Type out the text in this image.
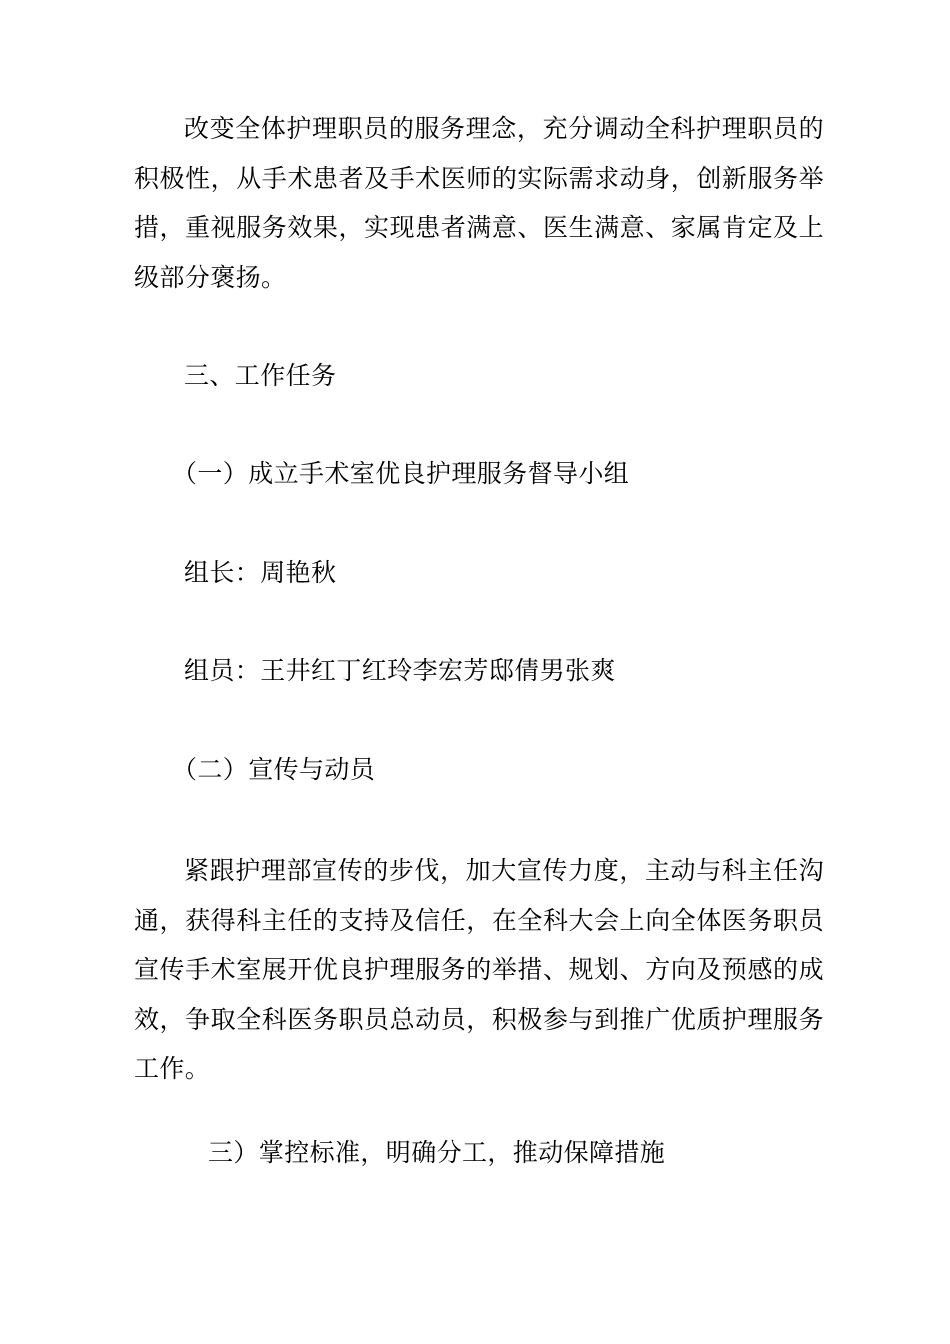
改变全体护理职员的服务理念，充分调动全科护理职员的积极性，从手术患者及手术医师的实际需求动身，创新服务举措，重视服务效果，实现患者满意、医生满意、家属肯定及上级部分褒扬。

三、工作任务

（一）成立手术室优良护理服务督导小组

组长：周艳秋

组员：王井红丁红玲李宏芳邸倩男张爽

（二）宣传与动员

紧跟护理部宣传的步伐，加大宣传力度，主动与科主任沟通，获得科主任的支持及信任，在全科大会上向全体医务职员宣传手术室展开优良护理服务的举措、规划、方向及预感的成效，争取全科医务职员总动员，积极参与到推广优质护理服务工作。

三）掌控标准，明确分工，推动保障措施
